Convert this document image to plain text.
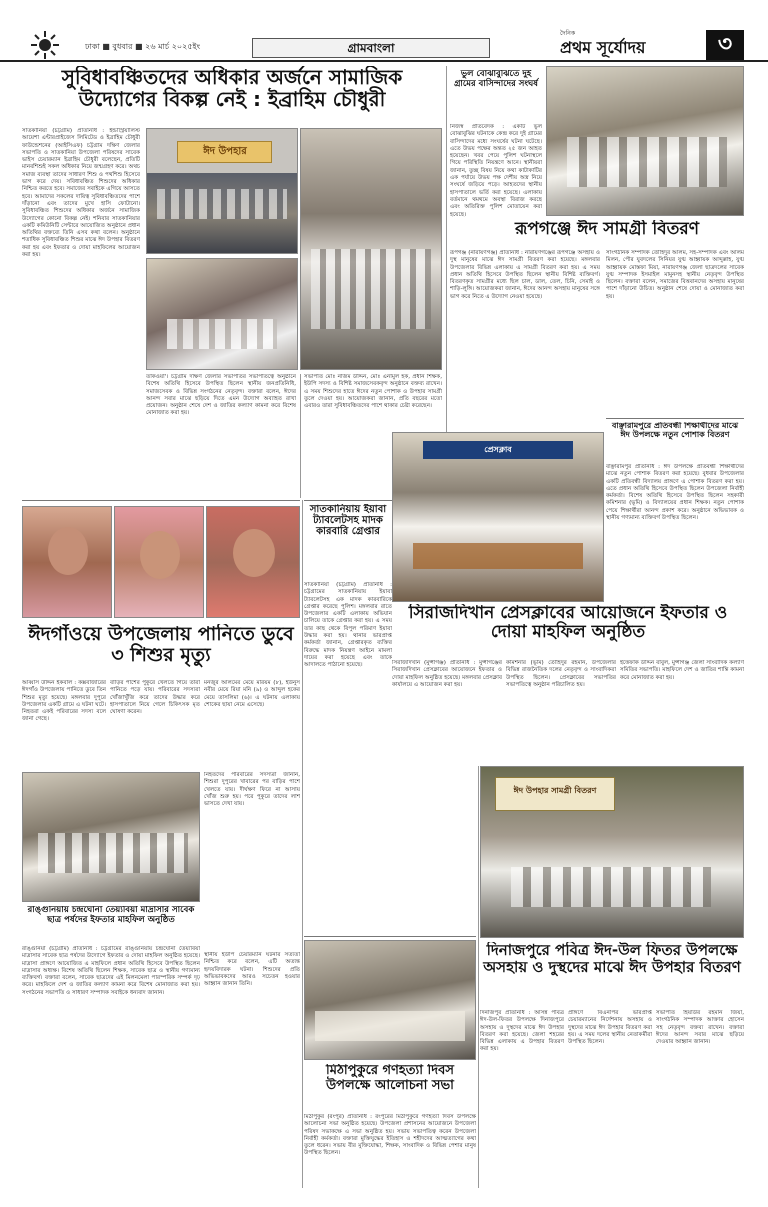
ঢাকা ■ বুধবার ■ ২৬ মার্চ ২০২৫ইং	গ্রামবাংলা
দৈনিক
প্রথম সূর্যোদয়	৩
সুবিধাবঞ্চিতদের অধিকার অর্জনে সামাজিক উদ্যোগের বিকল্প নেই : ইব্রাহিম চৌধুরী
সাতকানিয়া (চট্টগ্রাম) প্রতিনিধি : ইন্ডাস্ট্রিয়ালিস্ট আয়েশা এন্টারপ্রাইজেস লিমিটেড ও ইব্রাহিম চৌধুরী ফাউন্ডেশনের (আইসিএফ) চট্টগ্রাম দক্ষিণ জেলার সভাপতি ও সাতকানিয়া উপজেলা পরিষদের সাবেক ভাইস চেয়ারম্যান ইব্রাহিম চৌধুরী বলেছেন, প্রতিটি মানবশিশুই সকল অধিকার নিয়ে জন্মগ্রহণ করে। অথচ সমাজ ব্যবস্থা তাদের সাধারণ শিশু ও পথশিশু হিসেবে ভাগ করে দেয়। সবিধাবঞ্চিত শিশুদের অধিকার নিশ্চিত করতে হবে। সমাজের সবাইকে এগিয়ে আসতে হবে। আমাদের সকলের দায়িত্ব সুবিধাবঞ্চিতদের পাশে দাঁড়ানো এবং তাদের মুখে হাসি ফোটানো। সুবিধাবঞ্চিত শিশুদের অধিকার অর্জনে সামাজিক উদ্যোগের কোনো বিকল্প নেই। শনিবার সাতকানিয়ার একটি কমিউনিটি সেন্টারে আয়োজিত অনুষ্ঠানে প্রধান অতিথির বক্তব্যে তিনি এসব কথা বলেন। অনুষ্ঠানে শতাধিক সুবিধাবঞ্চিত শিশুর মাঝে ঈদ উপহার বিতরণ করা হয় এবং ইফতার ও দোয়া মাহফিলের আয়োজন করা হয়।
ঈদ উপহার
তাকওয়া'। চট্টগ্রাম দক্ষিণ জেলার সভাপতির সভাপতিত্বে অনুষ্ঠানে বিশেষ অতিথি হিসেবে উপস্থিত ছিলেন স্থানীয় জনপ্রতিনিধি, সমাজসেবক ও বিভিন্ন সংগঠনের নেতৃবৃন্দ। বক্তারা বলেন, ঈদের আনন্দ সবার মাঝে ছড়িয়ে দিতে এমন উদ্যোগ অব্যাহত রাখা প্রয়োজন। অনুষ্ঠান শেষে দেশ ও জাতির কল্যাণ কামনা করে বিশেষ মোনাজাত করা হয়।
সভাপতি মোঃ নজিম উদ্দিন, মোঃ এনামুল হক, প্রধান শিক্ষক, ইউপি সদস্য ও বিশিষ্ট সমাজসেবকবৃন্দ অনুষ্ঠানে বক্তব্য রাখেন। এ সময় শিশুদের হাতে ঈদের নতুন পোশাক ও উপহার সামগ্রী তুলে দেওয়া হয়। আয়োজকরা জানান, প্রতি বছরের মতো এবারও তারা সুবিধাবঞ্চিতদের পাশে থাকার চেষ্টা করেছেন।
ভুল বোঝাবুঝিতে দুই গ্রামের বাসিন্দাদের সংঘর্ষ
নিজস্ব প্রতিবেদক : একটি ভুল বোঝাবুঝির ঘটনাকে কেন্দ্র করে দুই গ্রামের বাসিন্দাদের মধ্যে সংঘর্ষের ঘটনা ঘটেছে। এতে উভয় পক্ষের অন্তত ২৫ জন আহত হয়েছেন। খবর পেয়ে পুলিশ ঘটনাস্থলে গিয়ে পরিস্থিতি নিয়ন্ত্রণে আনে। স্থানীয়রা জানান, তুচ্ছ বিষয় নিয়ে কথা কাটাকাটির এক পর্যায়ে উভয় পক্ষ দেশীয় অস্ত্র নিয়ে সংঘর্ষে জড়িয়ে পড়ে। আহতদের স্থানীয় হাসপাতালে ভর্তি করা হয়েছে। এলাকায় বর্তমানে থমথমে অবস্থা বিরাজ করছে এবং অতিরিক্ত পুলিশ মোতায়েন করা হয়েছে।
রূপগঞ্জে ঈদ সামগ্রী বিতরণ
রূপগঞ্জ (নারায়ণগঞ্জ) প্রতিনিধি : নারায়ণগঞ্জের রূপগঞ্জে অসহায় ও দুস্থ মানুষের মাঝে ঈদ সামগ্রী বিতরণ করা হয়েছে। মঙ্গলবার উপজেলার বিভিন্ন এলাকায় এ সামগ্রী বিতরণ করা হয়। এ সময় প্রধান অতিথি হিসেবে উপস্থিত ছিলেন স্থানীয় বিশিষ্ট ব্যক্তিবর্গ। বিতরণকৃত সামগ্রীর মধ্যে ছিল চাল, ডাল, তেল, চিনি, সেমাই ও শাড়ি-লুঙ্গি। আয়োজকরা জানান, ঈদের আনন্দ অসহায় মানুষের সঙ্গে ভাগ করে নিতে এ উদ্যোগ নেওয়া হয়েছে।
সাংগঠনিক সম্পাদক তৌহিদুর আলম, সহ-সম্পাদক এবং আলম মিলন, পৌর যুবদলের সিনিয়র যুগ্ম আহ্বায়ক আব্দুল্লাহ, যুগ্ম আহ্বায়ক মোস্তফা মিয়া, নারায়ণগঞ্জ জেলা ছাত্রদলের সাবেক যুগ্ম সম্পাদক ইসমাইল মামুনসহ স্থানীয় নেতৃবৃন্দ উপস্থিত ছিলেন। বক্তারা বলেন, সমাজের বিত্তবানদের অসহায় মানুষের পাশে দাঁড়ানো উচিত। অনুষ্ঠান শেষে দোয়া ও মোনাজাত করা হয়।
বাঞ্ছারামপুরে প্রতিবন্ধী শিক্ষার্থীদের মাঝে ঈদ উপলক্ষে নতুন পোশাক বিতরণ
বাঞ্ছারামপুর প্রতিনিধি : ঈদ উপলক্ষে প্রতিবন্ধী শিক্ষার্থীদের মাঝে নতুন পোশাক বিতরণ করা হয়েছে। বুধবার উপজেলার একটি প্রতিবন্ধী বিদ্যালয় প্রাঙ্গণে এ পোশাক বিতরণ করা হয়। এতে প্রধান অতিথি হিসেবে উপস্থিত ছিলেন উপজেলা নির্বাহী কর্মকর্তা। বিশেষ অতিথি হিসেবে উপস্থিত ছিলেন সহকারী কমিশনার (ভূমি) ও বিদ্যালয়ের প্রধান শিক্ষক। নতুন পোশাক পেয়ে শিক্ষার্থীরা আনন্দ প্রকাশ করে। অনুষ্ঠানে অভিভাবক ও স্থানীয় গণ্যমান্য ব্যক্তিবর্গ উপস্থিত ছিলেন।
সাতকানিয়ায় ইয়াবা ট্যাবলেটসহ মাদক কারবারি গ্রেপ্তার
সাতকানিয়া (চট্টগ্রাম) প্রতিনিধি : চট্টগ্রামের সাতকানিয়ায় ইয়াবা ট্যাবলেটসহ এক মাদক কারবারিকে গ্রেপ্তার করেছে পুলিশ। মঙ্গলবার রাতে উপজেলার একটি এলাকায় অভিযান চালিয়ে তাকে গ্রেপ্তার করা হয়। এ সময় তার কাছ থেকে বিপুল পরিমাণ ইয়াবা উদ্ধার করা হয়। থানার ভারপ্রাপ্ত কর্মকর্তা জানান, গ্রেপ্তারকৃত ব্যক্তির বিরুদ্ধে মাদক নিয়ন্ত্রণ আইনে মামলা দায়ের করা হয়েছে এবং তাকে আদালতে পাঠানো হয়েছে।
ঈদগাঁওয়ে উপজেলায় পানিতে ডুবে ৩ শিশুর মৃত্যু
আব্বাস উদ্দিন ইকবাল : কক্সবাজারের ঈদগাঁও উপজেলায় পানিতে ডুবে তিন শিশুর মৃত্যু হয়েছে। মঙ্গলবার দুপুরে উপজেলার একটি গ্রামে এ ঘটনা ঘটে। নিহতরা একই পরিবারের সদস্য বলে জানা গেছে।
বাড়ির পাশের পুকুরে খেলতে গিয়ে তারা পানিতে পড়ে যায়। পরিবারের সদস্যরা খোঁজাখুঁজি করে তাদের উদ্ধার করে হাসপাতালে নিয়ে গেলে চিকিৎসক মৃত ঘোষণা করেন।
মনজুর আলমের মেয়ে মরিয়ম (৮), ইউনুস নবীর মেয়ে রিয়া মনি (৯) ও আব্দুল হকের মেয়ে তাসলিমা (৬)। এ ঘটনায় এলাকায় শোকের ছায়া নেমে এসেছে।
নিহতদের পরিবারের সদস্যরা জানান, শিশুরা দুপুরের খাবারের পর বাড়ির পাশে খেলতে যায়। দীর্ঘক্ষণ ফিরে না আসায় খোঁজ শুরু হয়। পরে পুকুরে তাদের লাশ ভাসতে দেখা যায়।
স্থানীয় ইউপি চেয়ারম্যান ঘটনার সত্যতা নিশ্চিত করে বলেন, এটি অত্যন্ত হৃদয়বিদারক ঘটনা। শিশুদের প্রতি অভিভাবকদের আরও সচেতন হওয়ার আহ্বান জানান তিনি।
রাঙ্গুনিয়ায় চন্দ্রঘোনা তৈয়্যবিয়া মাদ্রাসার সাবেক ছাত্র পর্ষদের ইফতার মাহফিল অনুষ্ঠিত
রাঙ্গুনিয়া (চট্টগ্রাম) প্রতিনিধি : চট্টগ্রামের রাঙ্গুনিয়ায় চন্দ্রঘোনা তৈয়্যবিয়া মাদ্রাসার সাবেক ছাত্র পর্ষদের উদ্যোগে ইফতার ও দোয়া মাহফিল অনুষ্ঠিত হয়েছে। মাদ্রাসা প্রাঙ্গণে আয়োজিত এ মাহফিলে প্রধান অতিথি হিসেবে উপস্থিত ছিলেন মাদ্রাসার অধ্যক্ষ। বিশেষ অতিথি ছিলেন শিক্ষক, সাবেক ছাত্র ও স্থানীয় গণ্যমান্য ব্যক্তিবর্গ। বক্তারা বলেন, সাবেক ছাত্রদের এই মিলনমেলা পারস্পরিক সম্পর্ক দৃঢ় করে। মাহফিলে দেশ ও জাতির কল্যাণ কামনা করে বিশেষ মোনাজাত করা হয়। সংগঠনের সভাপতি ও সাধারণ সম্পাদক সবাইকে ধন্যবাদ জানান।
প্রেসক্লাব
সিরাজদিখান প্রেসক্লাবের আয়োজনে ইফতার ও দোয়া মাহফিল অনুষ্ঠিত
সিরাজদিখান (মুন্সীগঞ্জ) প্রতিনিধি : মুন্সীগঞ্জের সিরাজদিখান প্রেসক্লাবের আয়োজনে ইফতার ও দোয়া মাহফিল অনুষ্ঠিত হয়েছে। মঙ্গলবার প্রেসক্লাব কার্যালয়ে এ আয়োজন করা হয়।
কমিশনার (ভূমি) তৌহিদুর রহমান, উপজেলার বিভিন্ন রাজনৈতিক দলের নেতৃবৃন্দ ও সাংবাদিকরা উপস্থিত ছিলেন। প্রেসক্লাবের সভাপতির সভাপতিত্বে অনুষ্ঠান পরিচালিত হয়।
ইত্তেফাক উদ্দিন বাবুল, মুন্সীগঞ্জ জেলা সাংবাদিক কল্যাণ সমিতির সভাপতি। মাহফিলে দেশ ও জাতির শান্তি কামনা করে মোনাজাত করা হয়।
মিঠাপুকুরে গণহত্যা দিবস উপলক্ষে আলোচনা সভা
মিঠাপুকুর (রংপুর) প্রতিনিধি : রংপুরের মিঠাপুকুরে গণহত্যা দিবস উপলক্ষে আলোচনা সভা অনুষ্ঠিত হয়েছে। উপজেলা প্রশাসনের আয়োজনে উপজেলা পরিষদ সভাকক্ষে এ সভা অনুষ্ঠিত হয়। সভায় সভাপতিত্ব করেন উপজেলা নির্বাহী কর্মকর্তা। বক্তারা মুক্তিযুদ্ধের ইতিহাস ও শহীদদের আত্মত্যাগের কথা তুলে ধরেন। সভায় বীর মুক্তিযোদ্ধা, শিক্ষক, সাংবাদিক ও বিভিন্ন পেশার মানুষ উপস্থিত ছিলেন।
ঈদ উপহার সামগ্রী বিতরণ
দিনাজপুরে পবিত্র ঈদ-উল ফিতর উপলক্ষে অসহায় ও দুস্থদের মাঝে ঈদ উপহার বিতরণ
দিনাজপুর প্রতিনিধি : আসন্ন পবিত্র ঈদ-উল-ফিতর উপলক্ষে দিনাজপুরে অসহায় ও দুস্থদের মাঝে ঈদ উপহার বিতরণ করা হয়েছে। জেলা শহরের বিভিন্ন এলাকায় এ উপহার বিতরণ করা হয়।
প্রাঙ্গণে বিএনপির ভারপ্রাপ্ত চেয়ারম্যানের নির্দেশনায় অসহায় ও দুস্থদের মাঝে ঈদ উপহার বিতরণ করা হয়। এ সময় দলের স্থানীয় নেতাকর্মীরা উপস্থিত ছিলেন।
সভাপতি হিয়াউর রহমান জিয়া, সাংগঠনিক সম্পাদক আক্তার হোসেন সহ নেতৃবৃন্দ বক্তব্য রাখেন। বক্তারা ঈদের আনন্দ সবার মাঝে ছড়িয়ে দেওয়ার আহ্বান জানান।
